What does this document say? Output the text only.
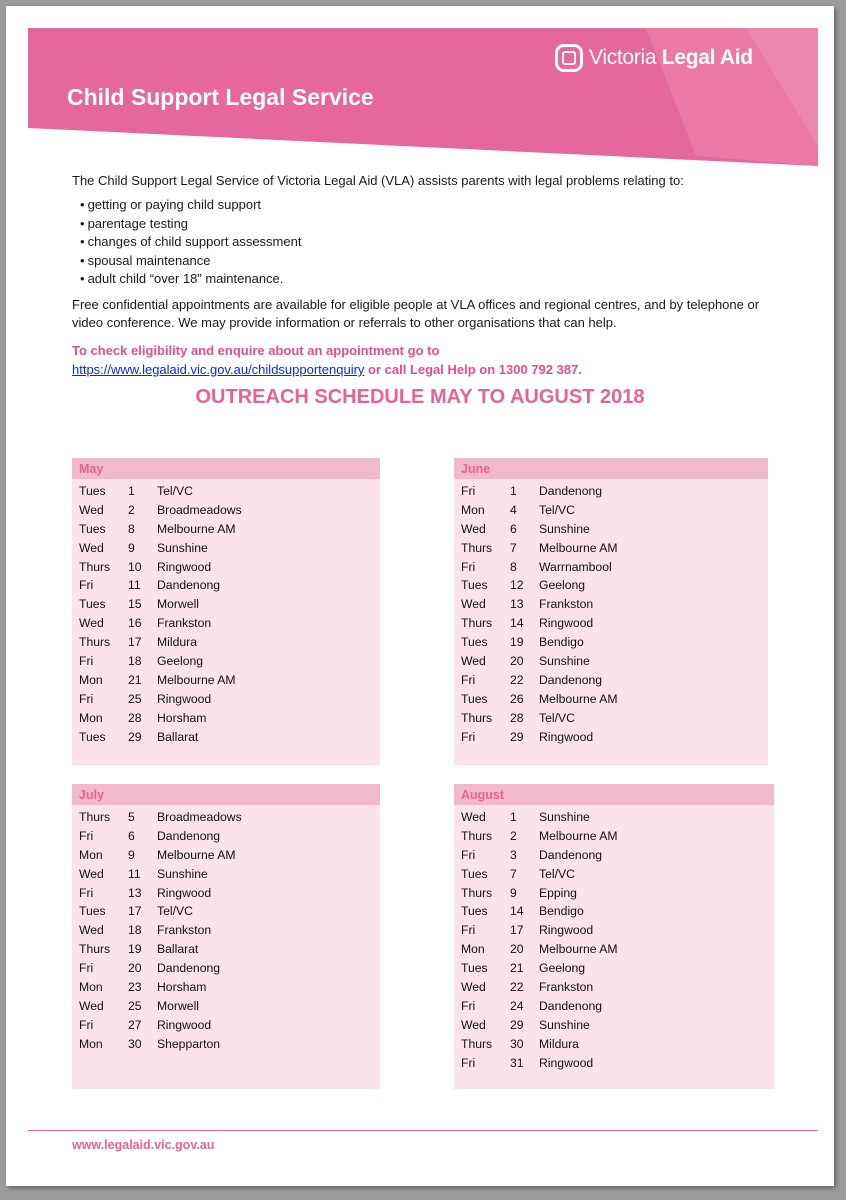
Child Support Legal Service
Victoria Legal Aid

The Child Support Legal Service of Victoria Legal Aid (VLA) assists parents with legal problems relating to:

• getting or paying child support
• parentage testing
• changes of child support assessment
• spousal maintenance
• adult child “over 18” maintenance.

Free confidential appointments are available for eligible people at VLA offices and regional centres, and by telephone or video conference. We may provide information or referrals to other organisations that can help.

To check eligibility and enquire about an appointment go to
https://www.legalaid.vic.gov.au/childsupportenquiry or call Legal Help on 1300 792 387.

OUTREACH SCHEDULE MAY TO AUGUST 2018
May
Tues	1	Tel/VC
Wed	2	Broadmeadows
Tues	8	Melbourne AM
Wed	9	Sunshine
Thurs	10	Ringwood
Fri	11	Dandenong
Tues	15	Morwell
Wed	16	Frankston
Thurs	17	Mildura
Fri	18	Geelong
Mon	21	Melbourne AM
Fri	25	Ringwood
Mon	28	Horsham
Tues	29	Ballarat
June
Fri	1	Dandenong
Mon	4	Tel/VC
Wed	6	Sunshine
Thurs	7	Melbourne AM
Fri	8	Warrnambool
Tues	12	Geelong
Wed	13	Frankston
Thurs	14	Ringwood
Tues	19	Bendigo
Wed	20	Sunshine
Fri	22	Dandenong
Tues	26	Melbourne AM
Thurs	28	Tel/VC
Fri	29	Ringwood
July
Thurs	5	Broadmeadows
Fri	6	Dandenong
Mon	9	Melbourne AM
Wed	11	Sunshine
Fri	13	Ringwood
Tues	17	Tel/VC
Wed	18	Frankston
Thurs	19	Ballarat
Fri	20	Dandenong
Mon	23	Horsham
Wed	25	Morwell
Fri	27	Ringwood
Mon	30	Shepparton
August
Wed	1	Sunshine
Thurs	2	Melbourne AM
Fri	3	Dandenong
Tues	7	Tel/VC
Thurs	9	Epping
Tues	14	Bendigo
Fri	17	Ringwood
Mon	20	Melbourne AM
Tues	21	Geelong
Wed	22	Frankston
Fri	24	Dandenong
Wed	29	Sunshine
Thurs	30	Mildura
Fri	31	Ringwood

www.legalaid.vic.gov.au
